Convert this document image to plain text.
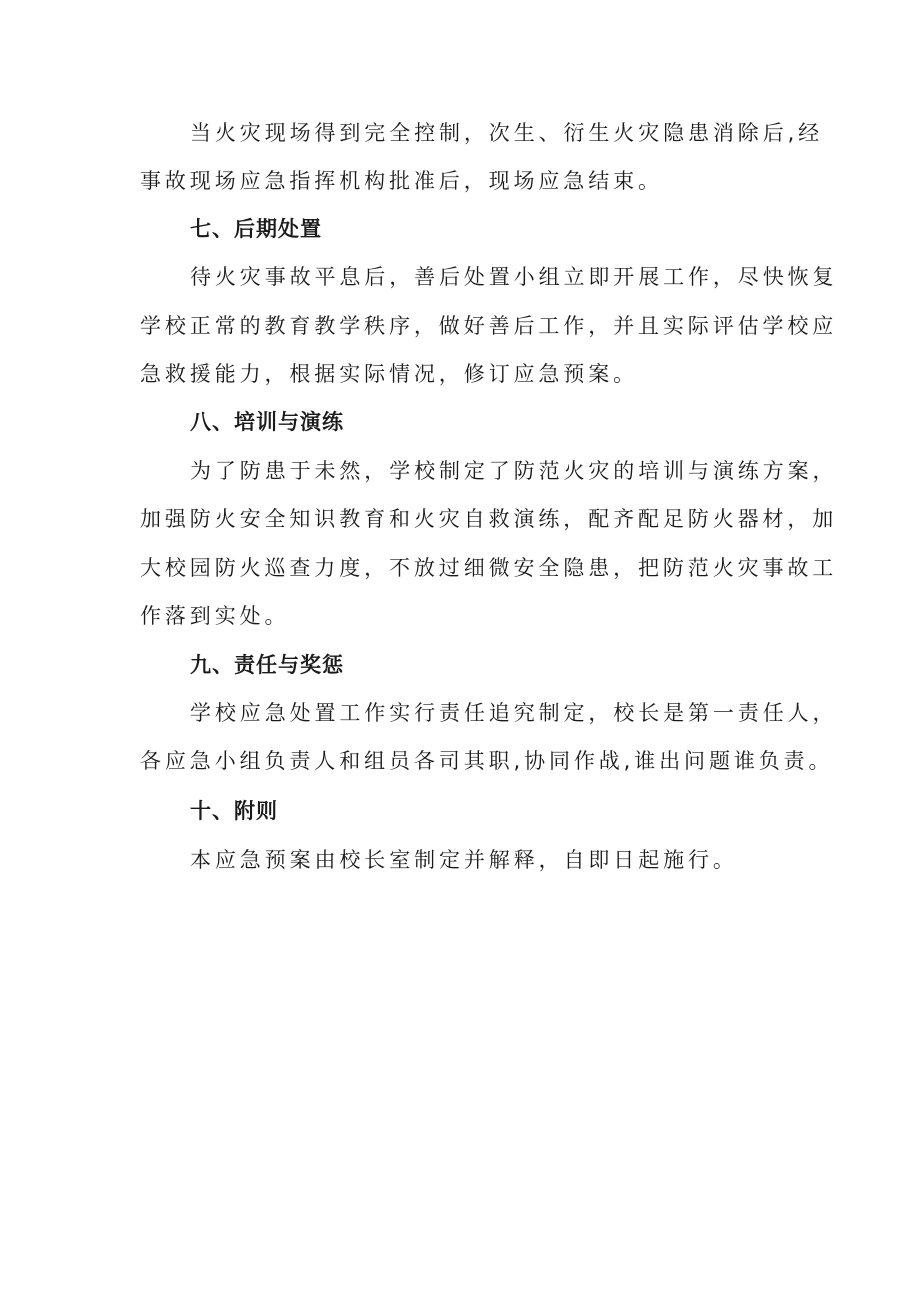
当火灾现场得到完全控制，次生、衍生火灾隐患消除后,经
事故现场应急指挥机构批准后，现场应急结束。
七、后期处置
待火灾事故平息后，善后处置小组立即开展工作，尽快恢复
学校正常的教育教学秩序，做好善后工作，并且实际评估学校应
急救援能力，根据实际情况，修订应急预案。
八、培训与演练
为了防患于未然，学校制定了防范火灾的培训与演练方案，
加强防火安全知识教育和火灾自救演练，配齐配足防火器材，加
大校园防火巡查力度，不放过细微安全隐患，把防范火灾事故工
作落到实处。
九、责任与奖惩
学校应急处置工作实行责任追究制定，校长是第一责任人，
各应急小组负责人和组员各司其职,协同作战,谁出问题谁负责。
十、附则
本应急预案由校长室制定并解释，自即日起施行。
